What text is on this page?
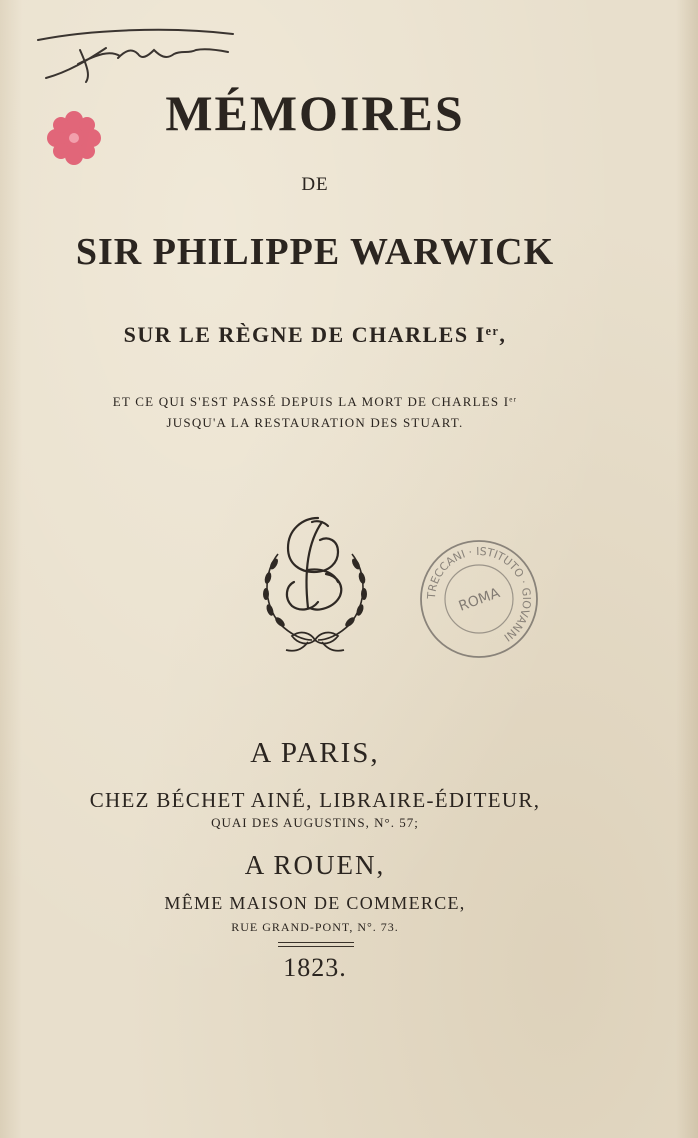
MÉMOIRES
DE
SIR PHILIPPE WARWICK
SUR LE RÈGNE DE CHARLES Ier,
ET CE QUI S'EST PASSÉ DEPUIS LA MORT DE CHARLES Ier
JUSQU'A LA RESTAURATION DES STUART.
TRECCANI · ISTITUTO · GIOVANNI
ROMA
A PARIS,
CHEZ BÉCHET AINÉ, LIBRAIRE-ÉDITEUR,
QUAI DES AUGUSTINS, N°. 57;
A ROUEN,
MÊME MAISON DE COMMERCE,
RUE GRAND-PONT, N°. 73.
1823.
